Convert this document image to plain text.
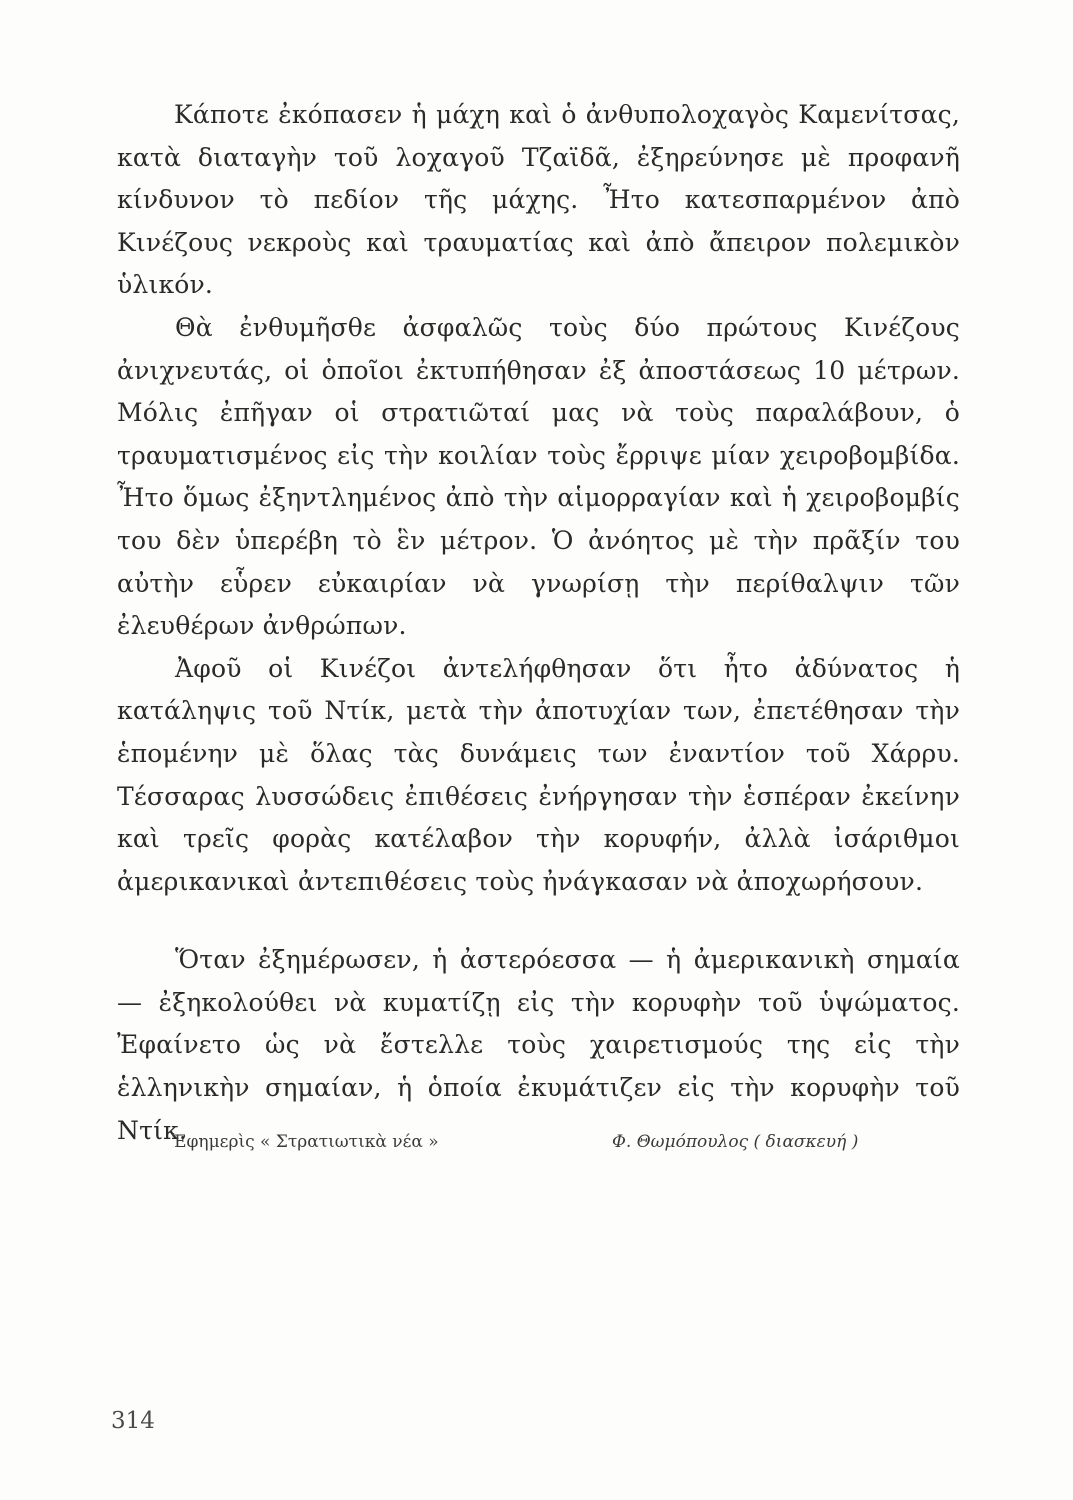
Κάποτε ἐκόπασεν ἡ μάχη καὶ ὁ ἀνθυπολοχαγὸς Καμενίτσας, κατὰ διαταγὴν τοῦ λοχαγοῦ Τζαϊδᾶ, ἐξηρεύνησε μὲ προφανῆ κίνδυνον τὸ πεδίον τῆς μάχης. Ἦτο κατεσπαρμένον ἀπὸ Κινέζους νεκροὺς καὶ τραυματίας καὶ ἀπὸ ἄπειρον πολεμικὸν ὑλικόν.

Θὰ ἐνθυμῆσθε ἀσφαλῶς τοὺς δύο πρώτους Κινέζους ἀνιχνευτάς, οἱ ὁποῖοι ἐκτυπήθησαν ἐξ ἀποστάσεως 10 μέτρων. Μόλις ἐπῆγαν οἱ στρατιῶταί μας νὰ τοὺς παραλάβουν, ὁ τραυματισμένος εἰς τὴν κοιλίαν τοὺς ἔρριψε μίαν χειροβομβίδα. Ἦτο ὅμως ἐξηντλημένος ἀπὸ τὴν αἱμορραγίαν καὶ ἡ χειροβομβίς του δὲν ὑπερέβη τὸ ἓν μέτρον. Ὁ ἀνόητος μὲ τὴν πρᾶξίν του αὐτὴν εὗρεν εὐκαιρίαν νὰ γνωρίσῃ τὴν περίθαλψιν τῶν ἐλευθέρων ἀνθρώπων.

Ἀφοῦ οἱ Κινέζοι ἀντελήφθησαν ὅτι ἦτο ἀδύνατος ἡ κατάληψις τοῦ Ντίκ, μετὰ τὴν ἀποτυχίαν των, ἐπετέθησαν τὴν ἑπομένην μὲ ὅλας τὰς δυνάμεις των ἐναντίον τοῦ Χάρρυ. Τέσσαρας λυσσώδεις ἐπιθέσεις ἐνήργησαν τὴν ἑσπέραν ἐκείνην καὶ τρεῖς φορὰς κατέλαβον τὴν κορυφήν, ἀλλὰ ἰσάριθμοι ἀμερικανικαὶ ἀντεπιθέσεις τοὺς ἠνάγκασαν νὰ ἀποχωρήσουν.

Ὅταν ἐξημέρωσεν, ἡ ἀστερόεσσα — ἡ ἀμερικανικὴ σημαία — ἐξηκολούθει νὰ κυματίζῃ εἰς τὴν κορυφὴν τοῦ ὑψώματος. Ἐφαίνετο ὡς νὰ ἔστελλε τοὺς χαιρετισμούς της εἰς τὴν ἑλληνικὴν σημαίαν, ἡ ὁποία ἐκυμάτιζεν εἰς τὴν κορυφὴν τοῦ Ντίκ.

Ἐφημερὶς « Στρατιωτικὰ νέα »	Φ. Θωμόπουλος ( διασκευή )
314
